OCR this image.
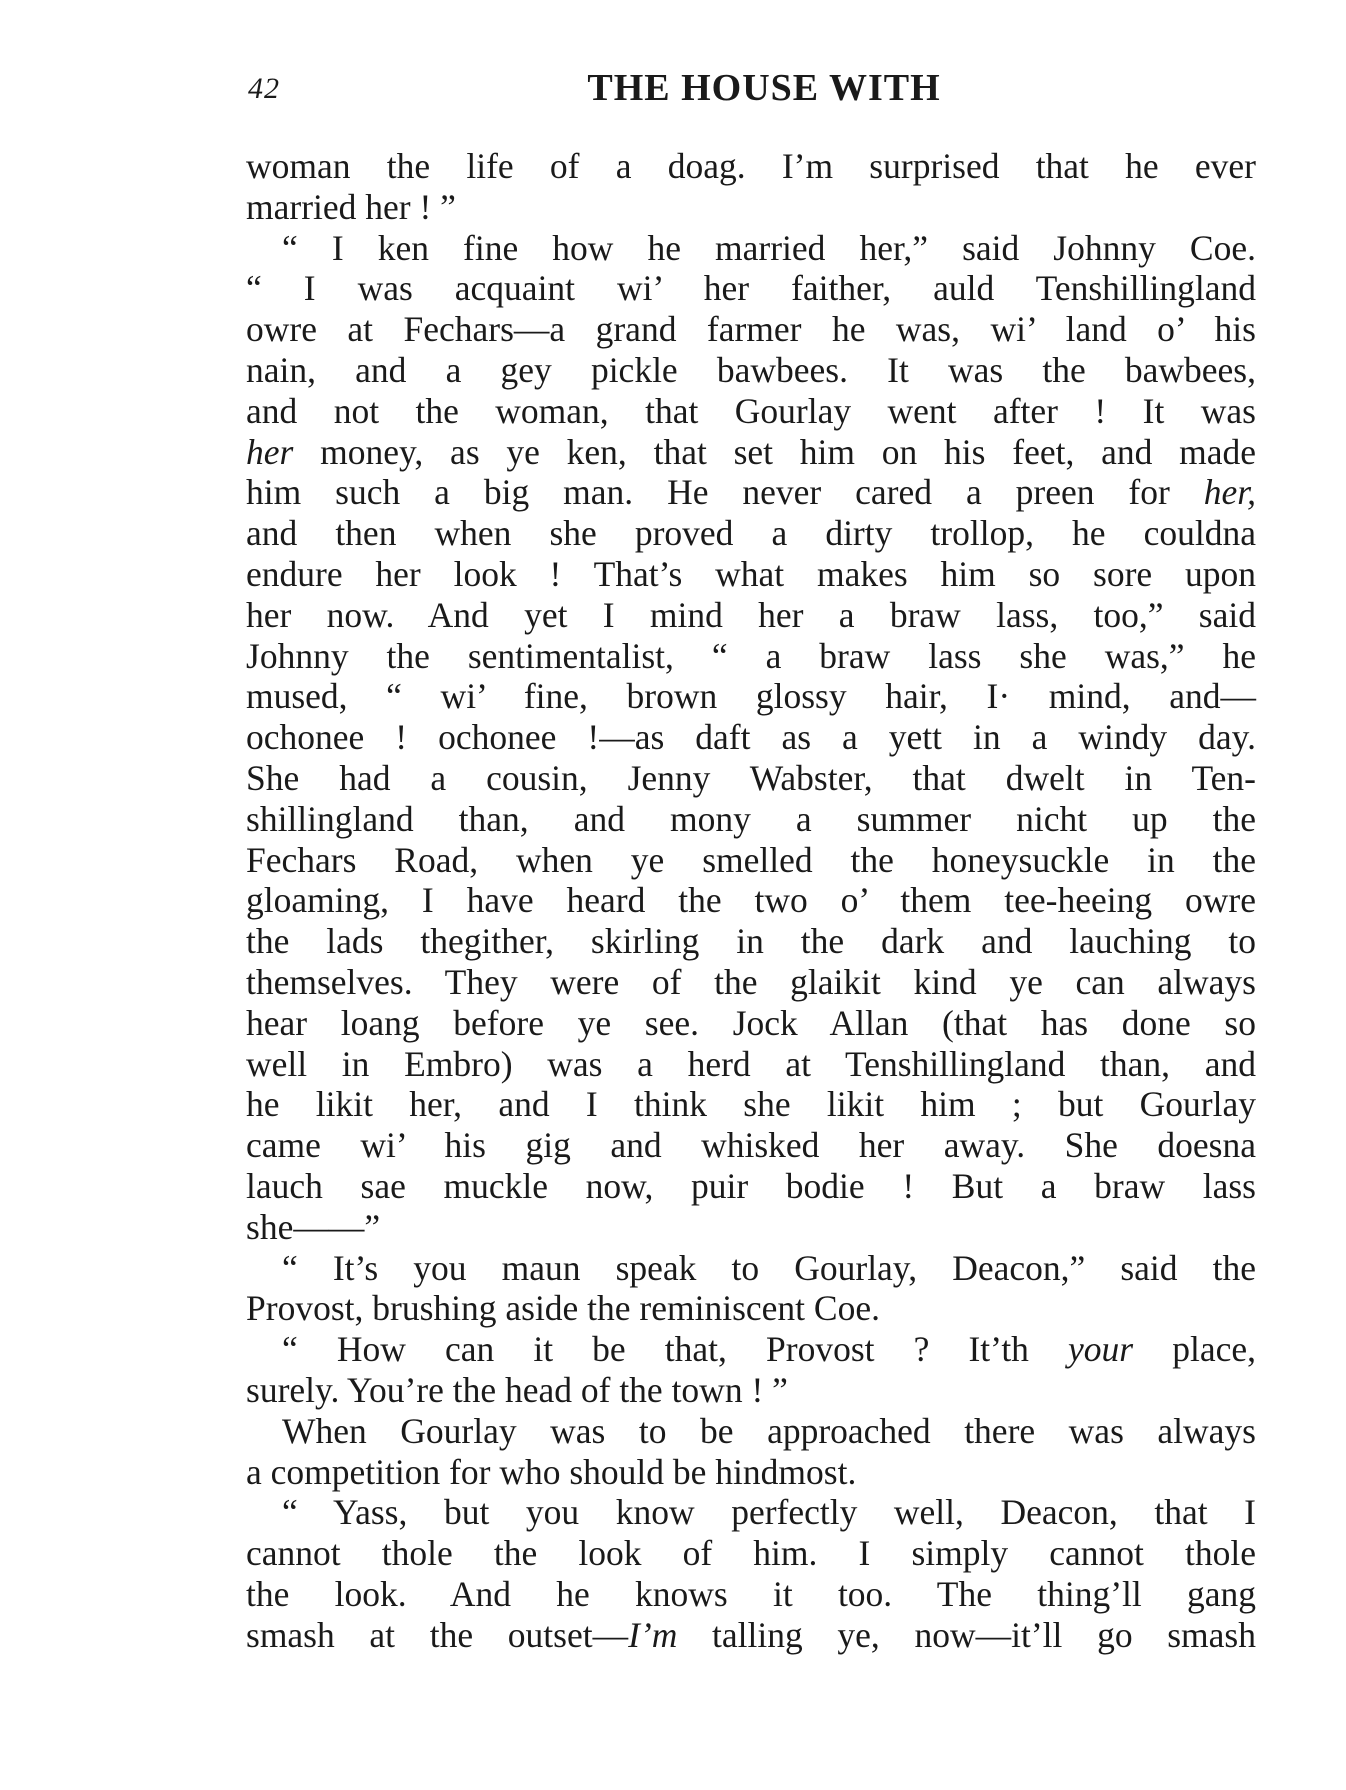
42	THE HOUSE WITH
woman the life of a doag. I’m surprised that he ever
married her ! ”
“ I ken fine how he married her,” said Johnny Coe.
“ I was acquaint wi’ her faither, auld Tenshillingland
owre at Fechars—a grand farmer he was, wi’ land o’ his
nain, and a gey pickle bawbees. It was the bawbees,
and not the woman, that Gourlay went after ! It was
her money, as ye ken, that set him on his feet, and made
him such a big man. He never cared a preen for her,
and then when she proved a dirty trollop, he couldna
endure her look ! That’s what makes him so sore upon
her now. And yet I mind her a braw lass, too,” said
Johnny the sentimentalist, “ a braw lass she was,” he
mused, “ wi’ fine, brown glossy hair, I· mind, and—
ochonee ! ochonee !—as daft as a yett in a windy day.
She had a cousin, Jenny Wabster, that dwelt in Ten-
shillingland than, and mony a summer nicht up the
Fechars Road, when ye smelled the honeysuckle in the
gloaming, I have heard the two o’ them tee-heeing owre
the lads thegither, skirling in the dark and lauching to
themselves. They were of the glaikit kind ye can always
hear loang before ye see. Jock Allan (that has done so
well in Embro) was a herd at Tenshillingland than, and
he likit her, and I think she likit him ; but Gourlay
came wi’ his gig and whisked her away. She doesna
lauch sae muckle now, puir bodie ! But a braw lass
she——”
“ It’s you maun speak to Gourlay, Deacon,” said the
Provost, brushing aside the reminiscent Coe.
“ How can it be that, Provost ? It’th your place,
surely. You’re the head of the town ! ”
When Gourlay was to be approached there was always
a competition for who should be hindmost.
“ Yass, but you know perfectly well, Deacon, that I
cannot thole the look of him. I simply cannot thole
the look. And he knows it too. The thing’ll gang
smash at the outset—I’m talling ye, now—it’ll go smash
